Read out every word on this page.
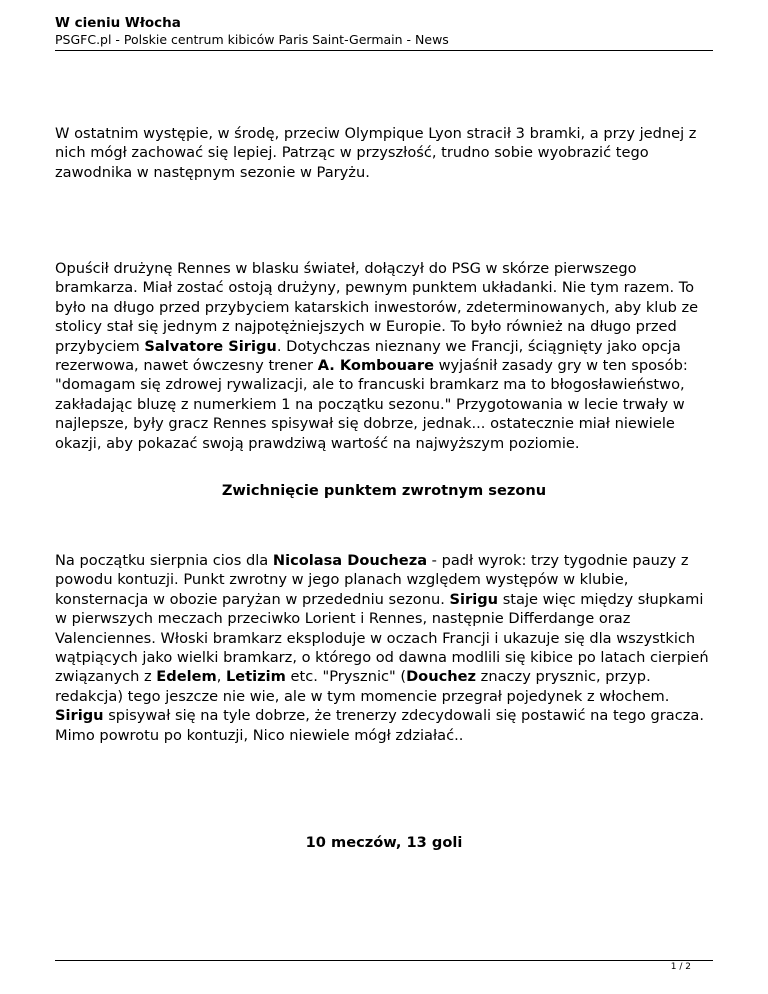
W cieniu Włocha
PSGFC.pl - Polskie centrum kibiców Paris Saint-Germain - News

W ostatnim występie, w środę, przeciw Olympique Lyon stracił 3 bramki, a przy jednej z nich mógł zachować się lepiej. Patrząc w przyszłość, trudno sobie wyobrazić tego zawodnika w następnym sezonie w Paryżu.

Opuścił drużynę Rennes w blasku świateł, dołączył do PSG w skórze pierwszego bramkarza. Miał zostać ostoją drużyny, pewnym punktem układanki. Nie tym razem. To było na długo przed przybyciem katarskich inwestorów, zdeterminowanych, aby klub ze stolicy stał się jednym z najpotężniejszych w Europie. To było również na długo przed przybyciem Salvatore Sirigu. Dotychczas nieznany we Francji, ściągnięty jako opcja rezerwowa, nawet ówczesny trener A. Kombouare wyjaśnił zasady gry w ten sposób: "domagam się zdrowej rywalizacji, ale to francuski bramkarz ma to błogosławieństwo, zakładając bluzę z numerkiem 1 na początku sezonu." Przygotowania w lecie trwały w najlepsze, były gracz Rennes spisywał się dobrze, jednak... ostatecznie miał niewiele okazji, aby pokazać swoją prawdziwą wartość na najwyższym poziomie.

Zwichnięcie punktem zwrotnym sezonu

Na początku sierpnia cios dla Nicolasa Doucheza - padł wyrok: trzy tygodnie pauzy z powodu kontuzji. Punkt zwrotny w jego planach względem występów w klubie, konsternacja w obozie paryżan w przededniu sezonu. Sirigu staje więc między słupkami w pierwszych meczach przeciwko Lorient i Rennes, następnie Differdange oraz Valenciennes. Włoski bramkarz eksploduje w oczach Francji i ukazuje się dla wszystkich wątpiących jako wielki bramkarz, o którego od dawna modlili się kibice po latach cierpień związanych z Edelem, Letizim etc. "Prysznic" (Douchez znaczy prysznic, przyp. redakcja) tego jeszcze nie wie, ale w tym momencie przegrał pojedynek z włochem. Sirigu spisywał się na tyle dobrze, że trenerzy zdecydowali się postawić na tego gracza. Mimo powrotu po kontuzji, Nico niewiele mógł zdziałać..

10 meczów, 13 goli
1 / 2
